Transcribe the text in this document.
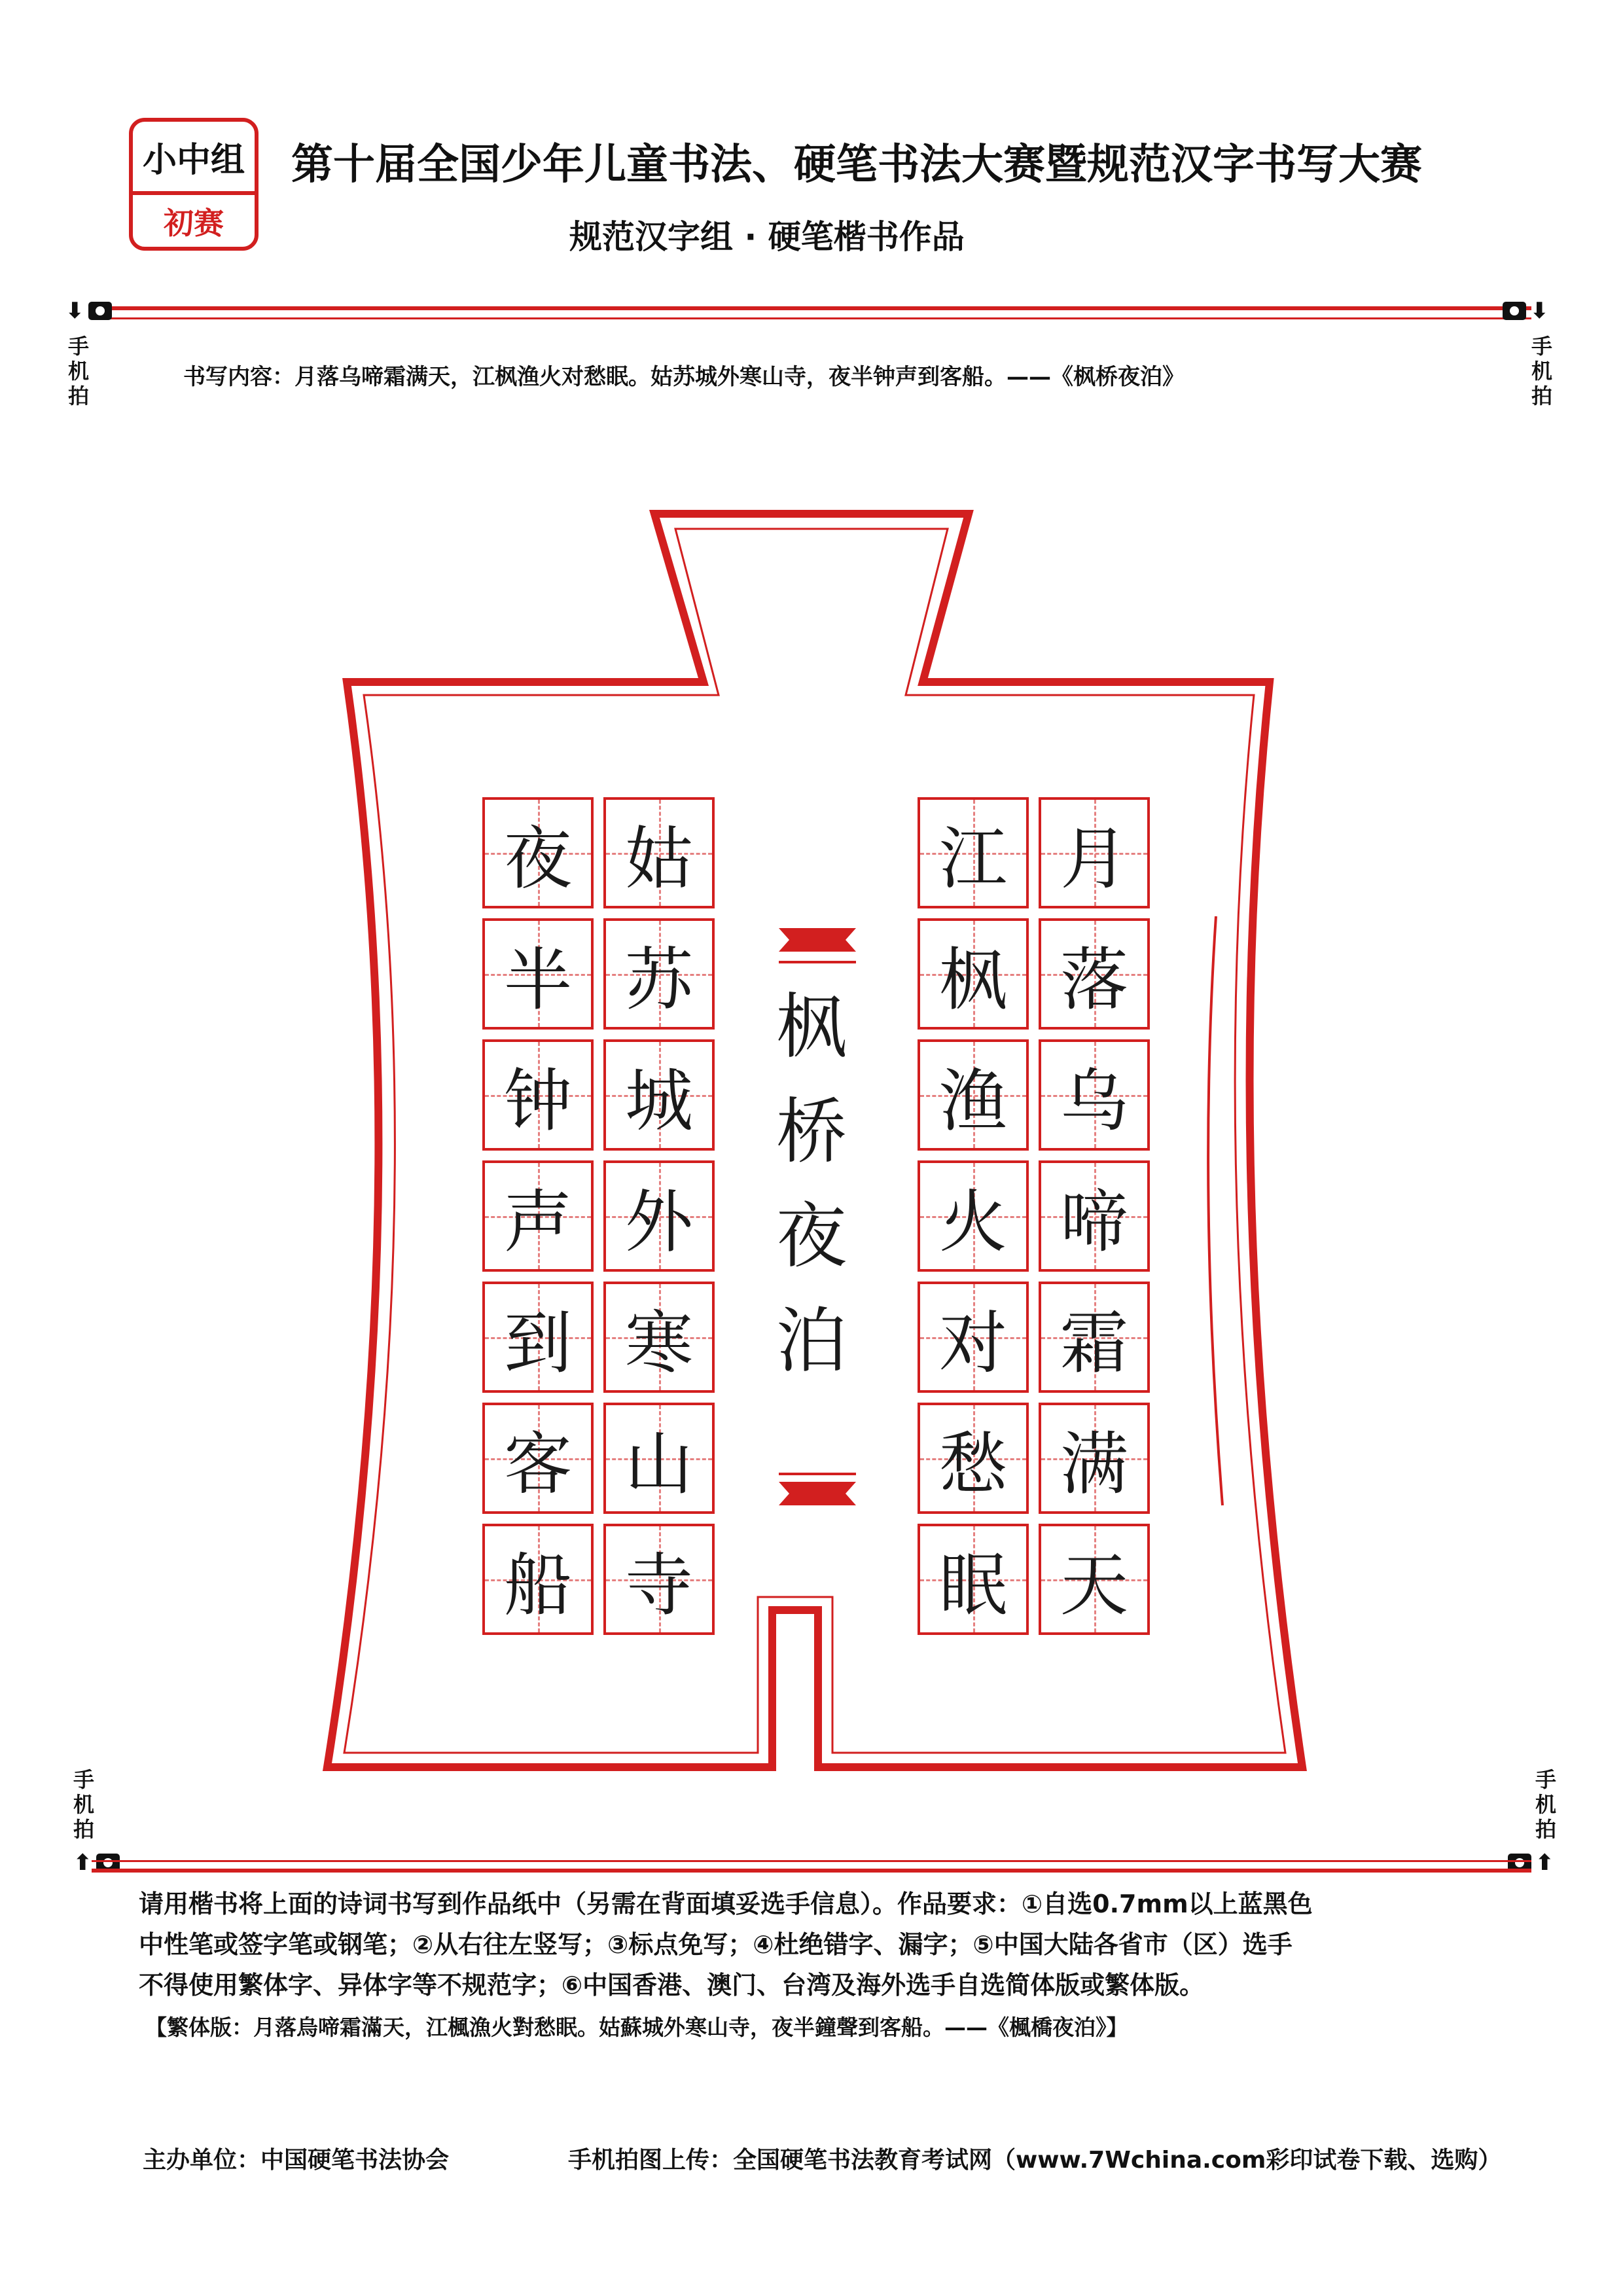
小中组
初赛
第十届全国少年儿童书法、硬笔书法大赛暨规范汉字书写大赛
规范汉字组 · 硬笔楷书作品
⬇
手
机
拍
⬇
手
机
拍
书写内容：月落乌啼霜满天，江枫渔火对愁眠。姑苏城外寒山寺，夜半钟声到客船。——《枫桥夜泊》
月
落
乌
啼
霜
满
天
江
枫
渔
火
对
愁
眠
枫
桥
夜
泊
姑
苏
城
外
寒
山
寺
夜
半
钟
声
到
客
船
手
机
拍
⬆
手
机
拍
⬆

请用楷书将上面的诗词书写到作品纸中（另需在背面填妥选手信息）。作品要求：①自选0.7mm以上蓝黑色

中性笔或签字笔或钢笔；②从右往左竖写；③标点免写；④杜绝错字、漏字；⑤中国大陆各省市（区）选手

不得使用繁体字、异体字等不规范字；⑥中国香港、澳门、台湾及海外选手自选简体版或繁体版。

【繁体版：月落烏啼霜滿天，江楓漁火對愁眠。姑蘇城外寒山寺，夜半鐘聲到客船。——《楓橋夜泊》】
主办单位：中国硬笔书法协会	手机拍图上传：全国硬笔书法教育考试网（www.7Wchina.com彩印试卷下载、选购）
